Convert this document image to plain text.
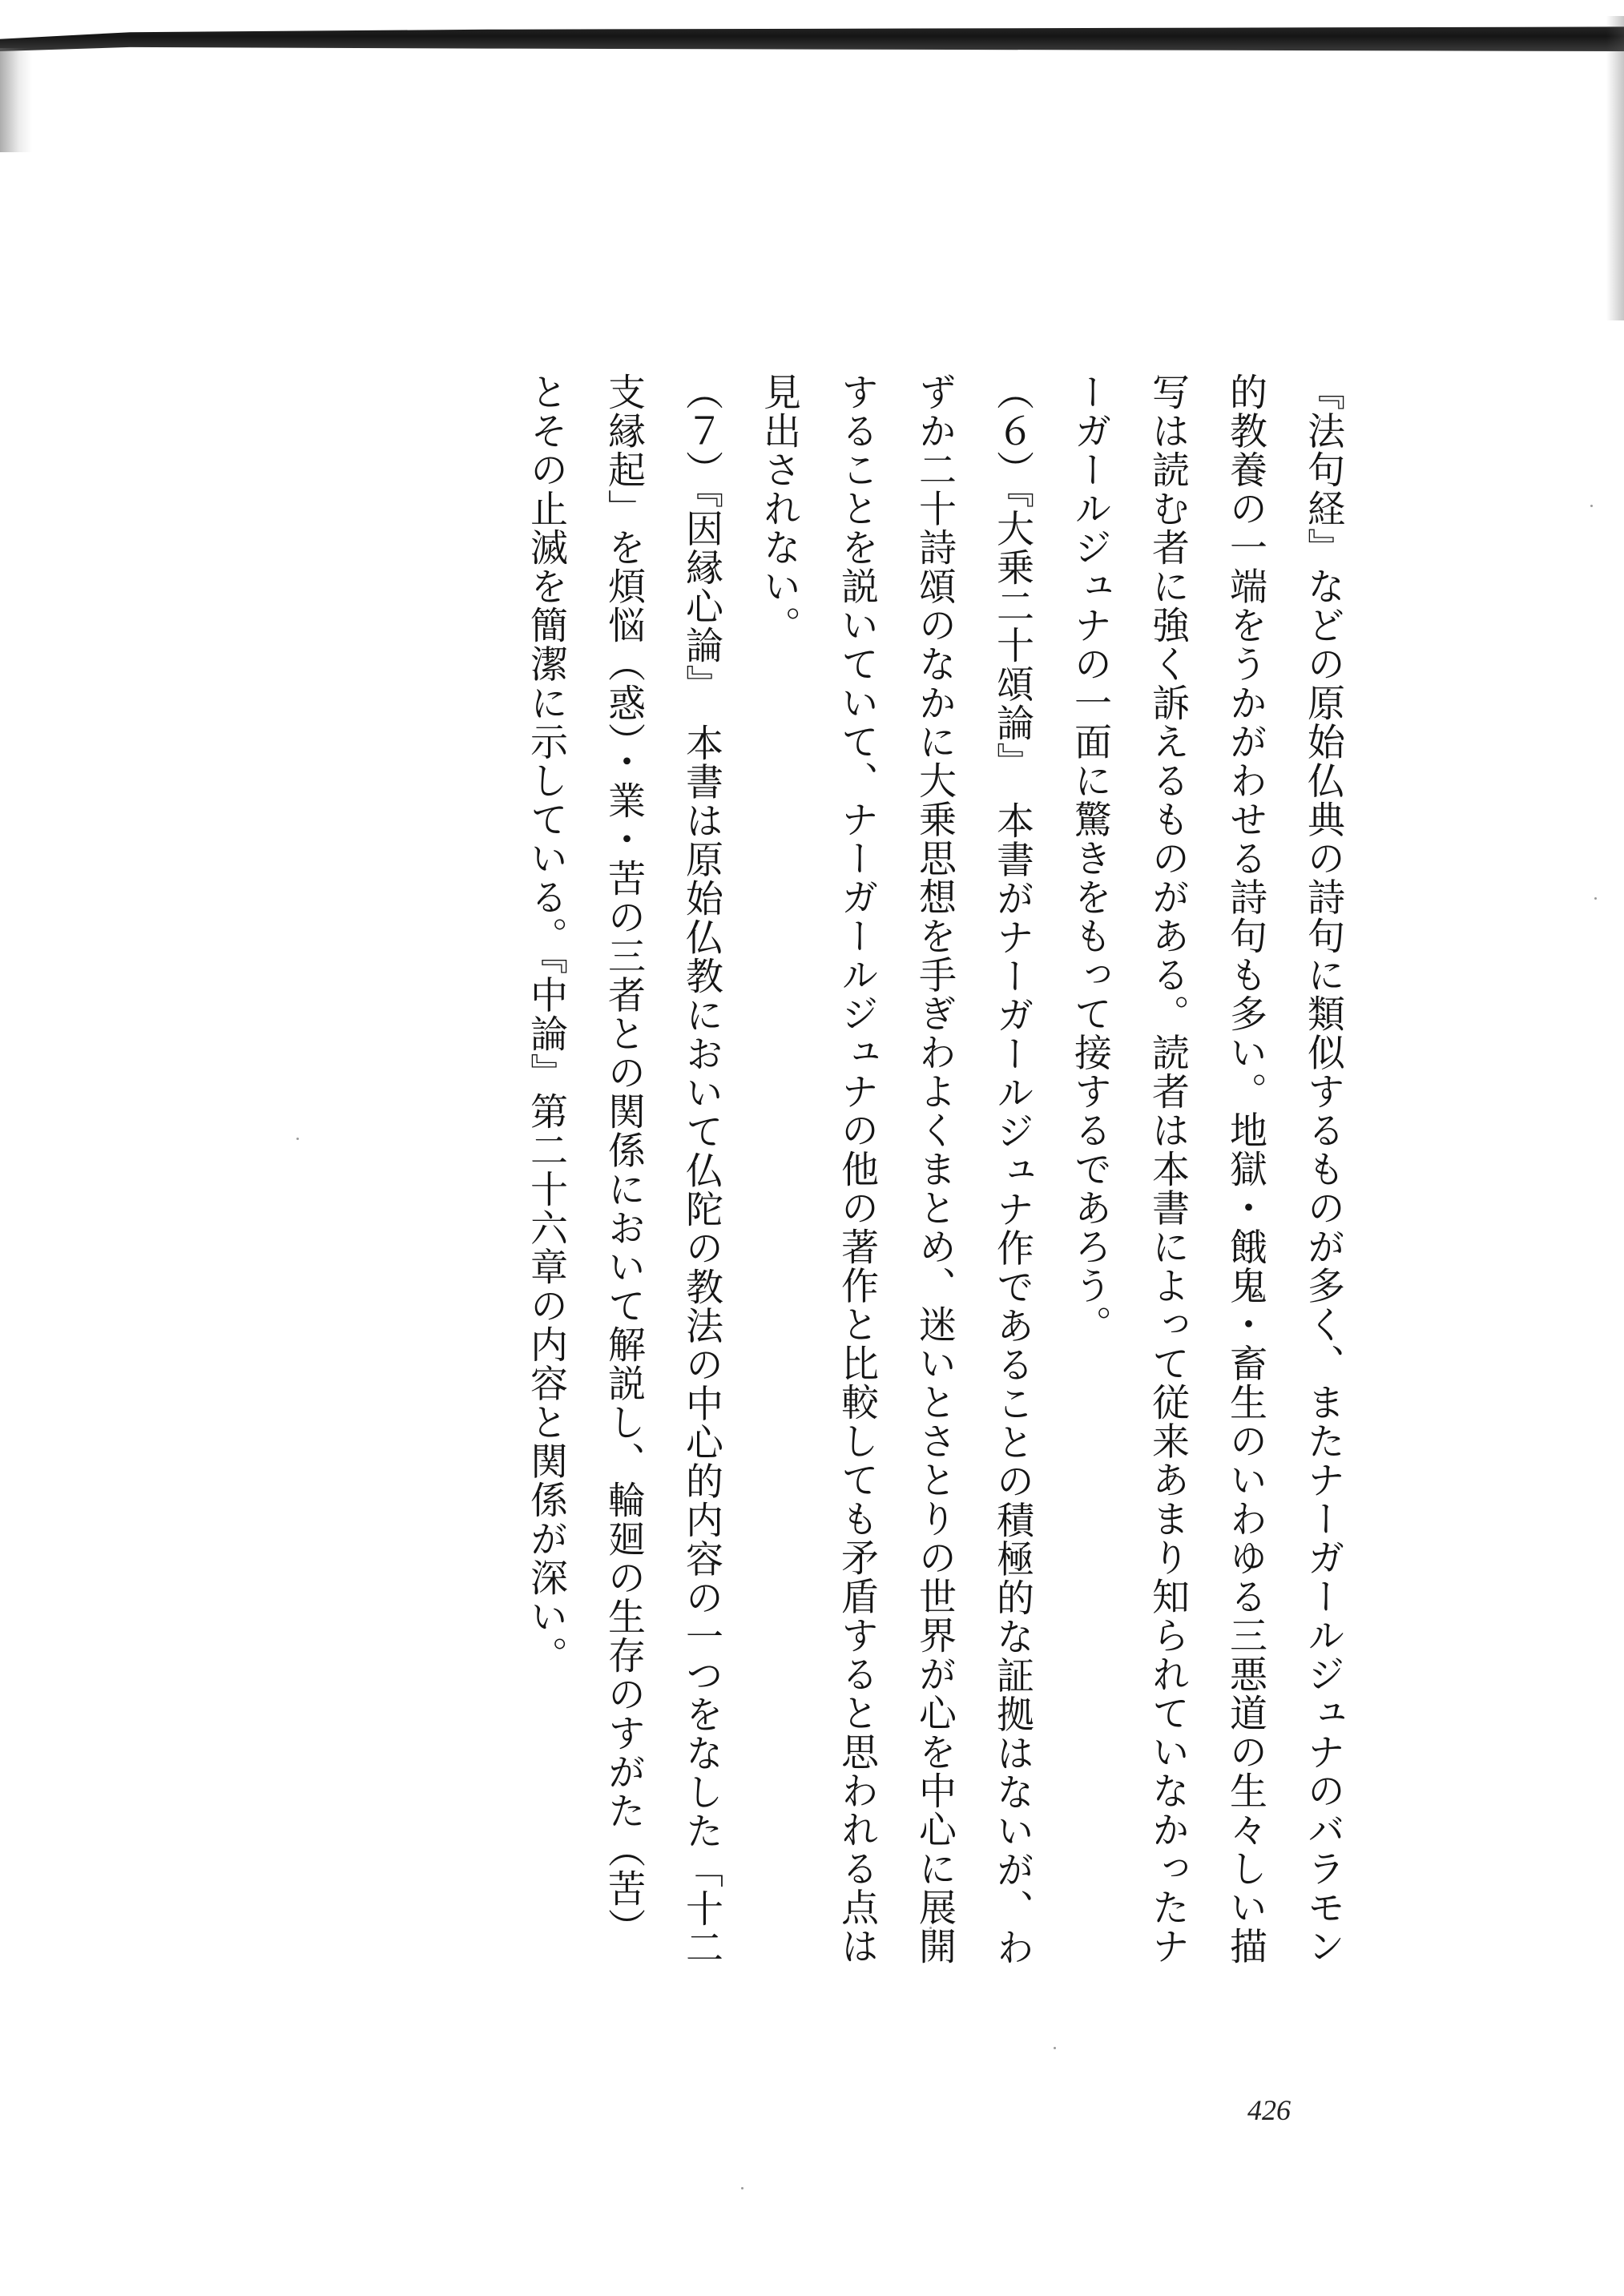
『法句経』などの原始仏典の詩句に類似するものが多く、またナーガールジュナのバラモン的教養の一端をうかがわせる詩句も多い。地獄・餓鬼・畜生のいわゆる三悪道の生々しい描写は読む者に強く訴えるものがある。読者は本書によって従来あまり知られていなかったナーガールジュナの一面に驚きをもって接するであろう。

（６）『大乗二十頌論』　本書がナーガールジュナ作であることの積極的な証拠はないが、わずか二十詩頌のなかに大乗思想を手ぎわよくまとめ、迷いとさとりの世界が心を中心に展開することを説いていて、ナーガールジュナの他の著作と比較しても矛盾すると思われる点は見出されない。

（７）『因縁心論』　本書は原始仏教において仏陀の教法の中心的内容の一つをなした「十二支縁起」を煩悩（惑）・業・苦の三者との関係において解説し、輪廻の生存のすがた（苦）とその止滅を簡潔に示している。『中論』第二十六章の内容と関係が深い。

426
